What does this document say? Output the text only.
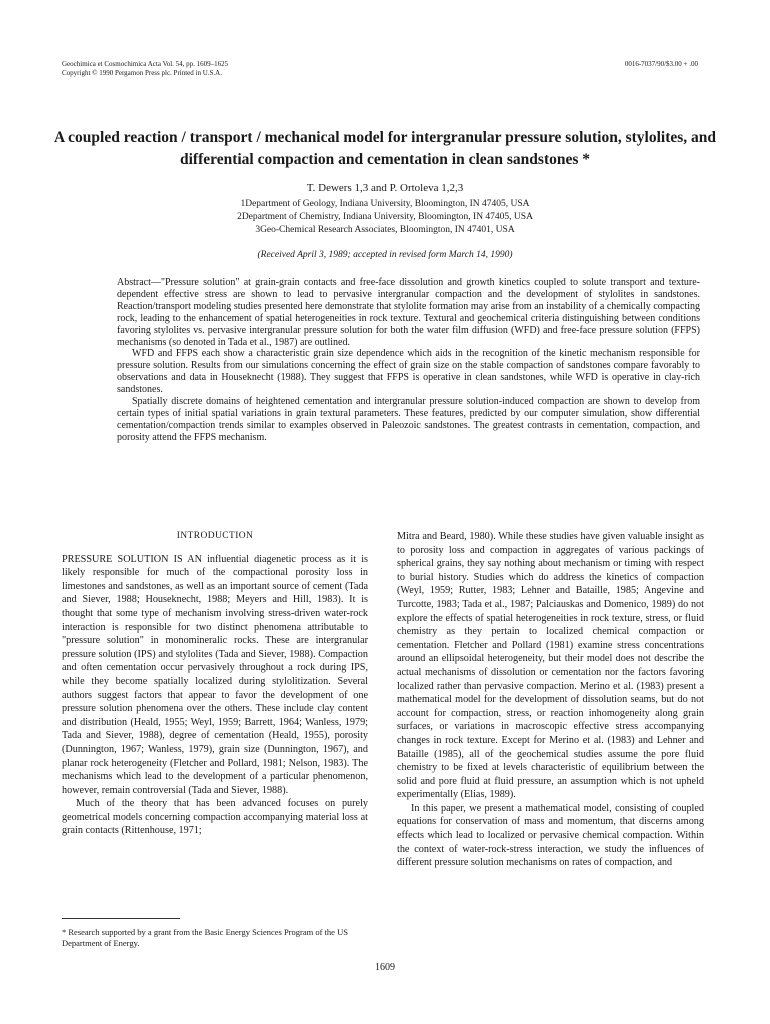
Geochimica et Cosmochimica Acta Vol. 54, pp. 1609–1625
Copyright © 1990 Pergamon Press plc. Printed in U.S.A.
0016-7037/90/$3.00 + .00
A coupled reaction / transport / mechanical model for intergranular pressure solution, stylolites, and differential compaction and cementation in clean sandstones *
T. Dewers 1,3 and P. Ortoleva 1,2,3
1Department of Geology, Indiana University, Bloomington, IN 47405, USA
2Department of Chemistry, Indiana University, Bloomington, IN 47405, USA
3Geo-Chemical Research Associates, Bloomington, IN 47401, USA
(Received April 3, 1989; accepted in revised form March 14, 1990)

Abstract—"Pressure solution" at grain-grain contacts and free-face dissolution and growth kinetics coupled to solute transport and texture-dependent effective stress are shown to lead to pervasive intergranular compaction and the development of stylolites in sandstones. Reaction/transport modeling studies presented here demonstrate that stylolite formation may arise from an instability of a chemically compacting rock, leading to the enhancement of spatial heterogeneities in rock texture. Textural and geochemical criteria distinguishing between conditions favoring stylolites vs. pervasive intergranular pressure solution for both the water film diffusion (WFD) and free-face pressure solution (FFPS) mechanisms (so denoted in Tada et al., 1987) are outlined.

WFD and FFPS each show a characteristic grain size dependence which aids in the recognition of the kinetic mechanism responsible for pressure solution. Results from our simulations concerning the effect of grain size on the stable compaction of sandstones compare favorably to observations and data in Houseknecht (1988). They suggest that FFPS is operative in clean sandstones, while WFD is operative in clay-rich sandstones.

Spatially discrete domains of heightened cementation and intergranular pressure solution-induced compaction are shown to develop from certain types of initial spatial variations in grain textural parameters. These features, predicted by our computer simulation, show differential cementation/compaction trends similar to examples observed in Paleozoic sandstones. The greatest contrasts in cementation, compaction, and porosity attend the FFPS mechanism.

INTRODUCTION

PRESSURE SOLUTION IS AN influential diagenetic process as it is likely responsible for much of the compactional porosity loss in limestones and sandstones, as well as an important source of cement (Tada and Siever, 1988; Houseknecht, 1988; Meyers and Hill, 1983). It is thought that some type of mechanism involving stress-driven water-rock interaction is responsible for two distinct phenomena attributable to "pressure solution" in monomineralic rocks. These are intergranular pressure solution (IPS) and stylolites (Tada and Siever, 1988). Compaction and often cementation occur pervasively throughout a rock during IPS, while they become spatially localized during stylolitization. Several authors suggest factors that appear to favor the development of one pressure solution phenomena over the others. These include clay content and distribution (Heald, 1955; Weyl, 1959; Barrett, 1964; Wanless, 1979; Tada and Siever, 1988), degree of cementation (Heald, 1955), porosity (Dunnington, 1967; Wanless, 1979), grain size (Dunnington, 1967), and planar rock heterogeneity (Fletcher and Pollard, 1981; Nelson, 1983). The mechanisms which lead to the development of a particular phenomenon, however, remain controversial (Tada and Siever, 1988).

Much of the theory that has been advanced focuses on purely geometrical models concerning compaction accompanying material loss at grain contacts (Rittenhouse, 1971;

Mitra and Beard, 1980). While these studies have given valuable insight as to porosity loss and compaction in aggregates of various packings of spherical grains, they say nothing about mechanism or timing with respect to burial history. Studies which do address the kinetics of compaction (Weyl, 1959; Rutter, 1983; Lehner and Bataille, 1985; Angevine and Turcotte, 1983; Tada et al., 1987; Palciauskas and Domenico, 1989) do not explore the effects of spatial heterogeneities in rock texture, stress, or fluid chemistry as they pertain to localized chemical compaction or cementation. Fletcher and Pollard (1981) examine stress concentrations around an ellipsoidal heterogeneity, but their model does not describe the actual mechanisms of dissolution or cementation nor the factors favoring localized rather than pervasive compaction. Merino et al. (1983) present a mathematical model for the development of dissolution seams, but do not account for compaction, stress, or reaction inhomogeneity along grain surfaces, or variations in macroscopic effective stress accompanying changes in rock texture. Except for Merino et al. (1983) and Lehner and Bataille (1985), all of the geochemical studies assume the pore fluid chemistry to be fixed at levels characteristic of equilibrium between the solid and pore fluid at fluid pressure, an assumption which is not upheld experimentally (Elias, 1989).

In this paper, we present a mathematical model, consisting of coupled equations for conservation of mass and momentum, that discerns among effects which lead to localized or pervasive chemical compaction. Within the context of water-rock-stress interaction, we study the influences of different pressure solution mechanisms on rates of compaction, and

* Research supported by a grant from the Basic Energy Sciences Program of the US Department of Energy.
1609
